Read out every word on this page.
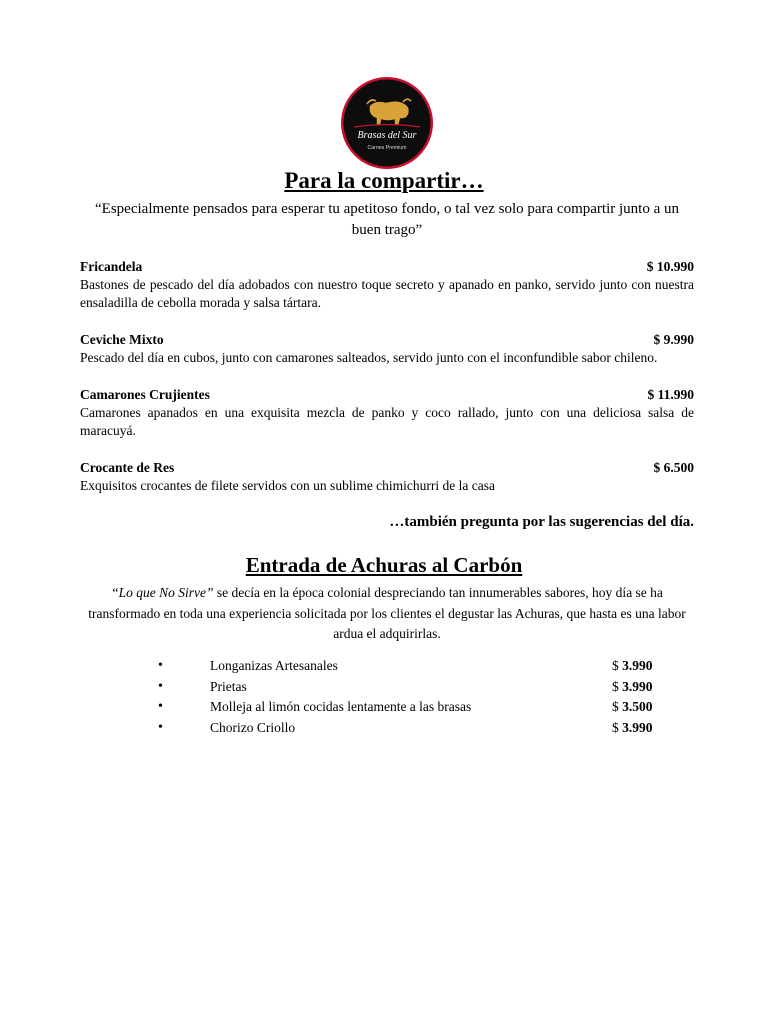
Brasas del Sur
Carnes Premium
Para la compartir…

“Especialmente pensados para esperar tu apetitoso fondo, o tal vez solo para compartir junto a un buen trago”

Fricandela	$ 10.990

Bastones de pescado del día adobados con nuestro toque secreto y apanado en panko, servido junto con nuestra ensaladilla de cebolla morada y salsa tártara.

Ceviche Mixto	$ 9.990

Pescado del día en cubos, junto con camarones salteados, servido junto con el inconfundible sabor chileno.

Camarones Crujientes	$ 11.990

Camarones apanados en una exquisita mezcla de panko y coco rallado, junto con una deliciosa salsa de maracuyá.

Crocante de Res	$ 6.500

Exquisitos crocantes de filete servidos con un sublime chimichurri de la casa

…también pregunta por las sugerencias del día.

Entrada de Achuras al Carbón

“Lo que No Sirve” se decía en la época colonial despreciando tan innumerables sabores, hoy día se ha transformado en toda una experiencia solicitada por los clientes el degustar las Achuras, que hasta es una labor ardua el adquirirlas.

•	Longanizas Artesanales	$ 3.990
•	Prietas	$ 3.990
•	Molleja al limón cocidas lentamente a las brasas	$ 3.500
•	Chorizo Criollo	$ 3.990
